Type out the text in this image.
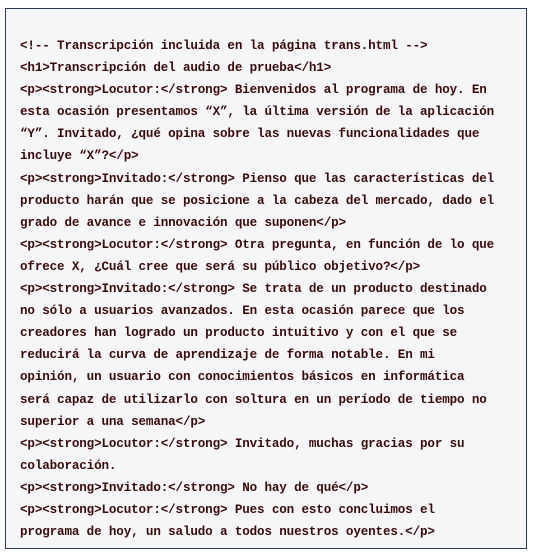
<!-- Transcripción incluida en la página trans.html -->
<h1>Transcripción del audio de prueba</h1>
<p><strong>Locutor:</strong> Bienvenidos al programa de hoy. En
esta ocasión presentamos “X”, la última versión de la aplicación
“Y”. Invitado, ¿qué opina sobre las nuevas funcionalidades que
incluye “X”?</p>
<p><strong>Invitado:</strong> Pienso que las características del
producto harán que se posicione a la cabeza del mercado, dado el
grado de avance e innovación que suponen</p>
<p><strong>Locutor:</strong> Otra pregunta, en función de lo que
ofrece X, ¿Cuál cree que será su público objetivo?</p>
<p><strong>Invitado:</strong> Se trata de un producto destinado
no sólo a usuarios avanzados. En esta ocasión parece que los
creadores han logrado un producto intuitivo y con el que se
reducirá la curva de aprendizaje de forma notable. En mi
opinión, un usuario con conocimientos básicos en informática
será capaz de utilizarlo con soltura en un período de tiempo no
superior a una semana</p>
<p><strong>Locutor:</strong> Invitado, muchas gracias por su
colaboración.
<p><strong>Invitado:</strong> No hay de qué</p>
<p><strong>Locutor:</strong> Pues con esto concluimos el
programa de hoy, un saludo a todos nuestros oyentes.</p>
